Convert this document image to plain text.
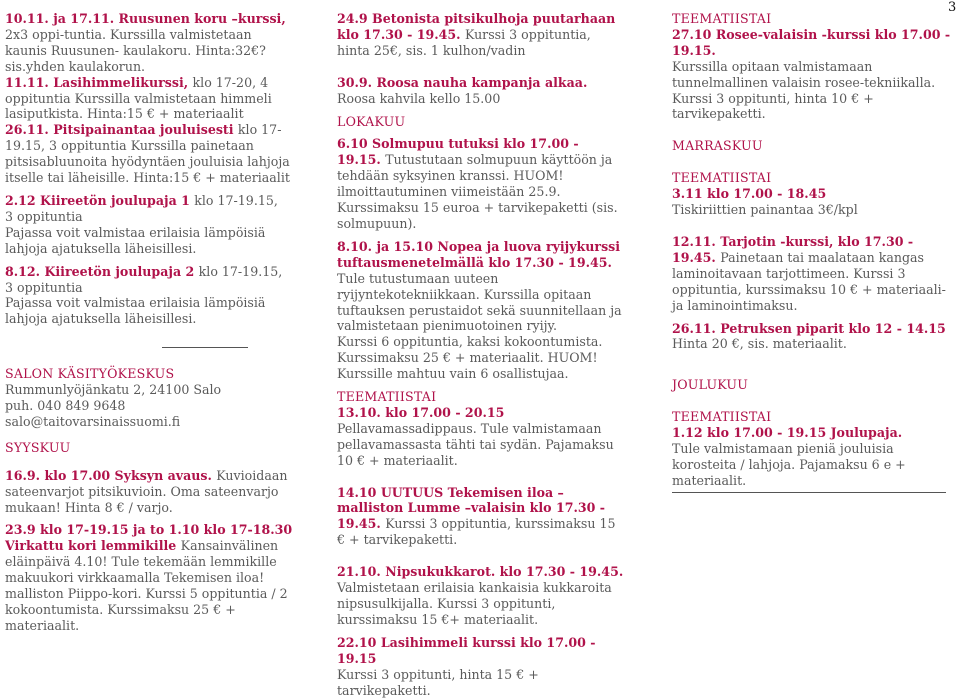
3

10.11. ja 17.11. Ruusunen koru –kurssi, 2x3 oppi-tuntia. Kurssilla valmistetaan kaunis Ruusunen- kaulakoru. Hinta:32€? sis.yhden kaulakorun.

11.11. Lasihimmelikurssi, klo 17-20, 4 oppituntia Kurssilla valmistetaan himmeli lasiputkista. Hinta:15 € + materiaalit

26.11. Pitsipainantaa jouluisesti klo 17-19.15, 3 oppituntia Kurssilla painetaan pitsisabluunoita hyödyntäen jouluisia lahjoja itselle tai läheisille. Hinta:15 € + materiaalit

2.12 Kiireetön joulupaja 1 klo 17-19.15,
3 oppituntia
Pajassa voit valmistaa erilaisia lämpöisiä lahjoja ajatuksella läheisillesi.

8.12. Kiireetön joulupaja 2 klo 17-19.15,
3 oppituntia
Pajassa voit valmistaa erilaisia lämpöisiä lahjoja ajatuksella läheisillesi.

SALON KÄSITYÖKESKUS

Rummunlyöjänkatu 2, 24100 Salo

puh. 040 849 9648

salo@taitovarsinaissuomi.fi

SYYSKUU

16.9. klo 17.00 Syksyn avaus. Kuvioidaan sateenvarjot pitsikuvioin. Oma sateenvarjo mukaan! Hinta 8 € / varjo.

23.9 klo 17-19.15 ja to 1.10 klo 17-18.30 Virkattu kori lemmikille Kansainvälinen eläinpäivä 4.10! Tule tekemään lemmikille makuukori virkkaamalla Tekemisen iloa! malliston Piippo-kori. Kurssi 5 oppituntia / 2 kokoontumista. Kurssimaksu 25 € + materiaalit.

24.9 Betonista pitsikulhoja puutarhaan klo 17.30 - 19.45. Kurssi 3 oppituntia, hinta 25€, sis. 1 kulhon/vadin

30.9. Roosa nauha kampanja alkaa. Roosa kahvila kello 15.00

LOKAKUU

6.10 Solmupuu tutuksi klo 17.00 - 19.15. Tutustutaan solmupuun käyttöön ja tehdään syksyinen kranssi. HUOM! ilmoittautuminen viimeistään 25.9. Kurssimaksu 15 euroa + tarvikepaketti (sis. solmupuun).

8.10. ja 15.10 Nopea ja luova ryijykurssi tuftausmenetelmällä klo 17.30 - 19.45. Tule tutustumaan uuteen ryijyntekotekniikkaan. Kurssilla opitaan tuftauksen perustaidot sekä suunnitellaan ja valmistetaan pienimuotoinen ryijy.
Kurssi 6 oppituntia, kaksi kokoontumista. Kurssimaksu 25 € + materiaalit. HUOM! Kurssille mahtuu vain 6 osallistujaa.

TEEMATIISTAI

13.10. klo 17.00 - 20.15 Pellavamassadippaus. Tule valmistamaan pellavamassasta tähti tai sydän. Pajamaksu 10 € + materiaalit.

14.10 UUTUUS Tekemisen iloa –malliston Lumme –valaisin klo 17.30 - 19.45. Kurssi 3 oppituntia, kurssimaksu 15 € + tarvikepaketti.

21.10. Nipsukukkarot. klo 17.30 - 19.45.
Valmistetaan erilaisia kankaisia kukkaroita nipsusulkijalla. Kurssi 3 oppitunti, kurssimaksu 15 €+ materiaalit.

22.10 Lasihimmeli kurssi klo 17.00 - 19.15
Kurssi 3 oppitunti, hinta 15 € + tarvikepaketti.

TEEMATIISTAI

27.10 Rosee-valaisin -kurssi klo 17.00 - 19.15.
Kurssilla opitaan valmistamaan tunnelmallinen valaisin rosee-tekniikalla. Kurssi 3 oppitunti, hinta 10 € + tarvikepaketti.

MARRASKUU

TEEMATIISTAI

3.11 klo 17.00 - 18.45
Tiskiriittien painantaa 3€/kpl

12.11. Tarjotin -kurssi, klo 17.30 - 19.45. Painetaan tai maalataan kangas laminoitavaan tarjottimeen. Kurssi 3 oppituntia, kurssimaksu 10 € + materiaali- ja laminointimaksu.

26.11. Petruksen piparit klo 12 - 14.15
Hinta 20 €, sis. materiaalit.

JOULUKUU

TEEMATIISTAI

1.12 klo 17.00 - 19.15 Joulupaja.
Tule valmistamaan pieniä jouluisia korosteita / lahjoja. Pajamaksu 6 e + materiaalit.
